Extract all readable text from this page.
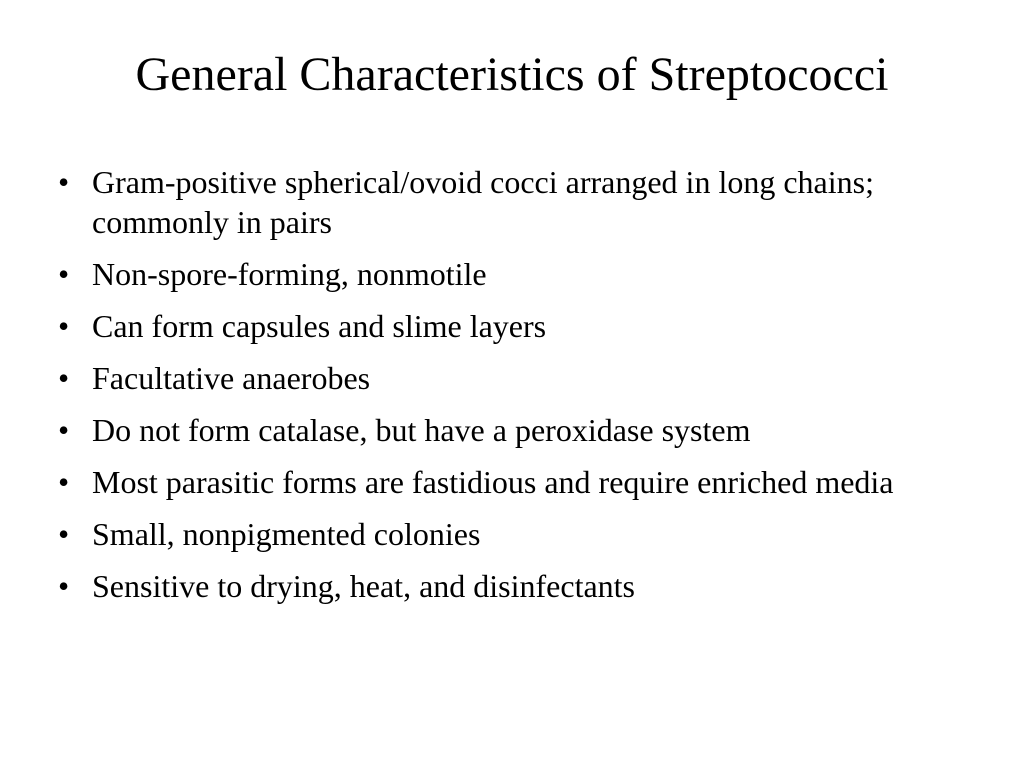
General Characteristics of Streptococci
• Gram-positive spherical/ovoid cocci arranged in long chains; commonly in pairs
• Non-spore-forming, nonmotile
• Can form capsules and slime layers
• Facultative anaerobes
• Do not form catalase, but have a peroxidase system
• Most parasitic forms are fastidious and require enriched media
• Small, nonpigmented colonies
• Sensitive to drying, heat, and disinfectants
